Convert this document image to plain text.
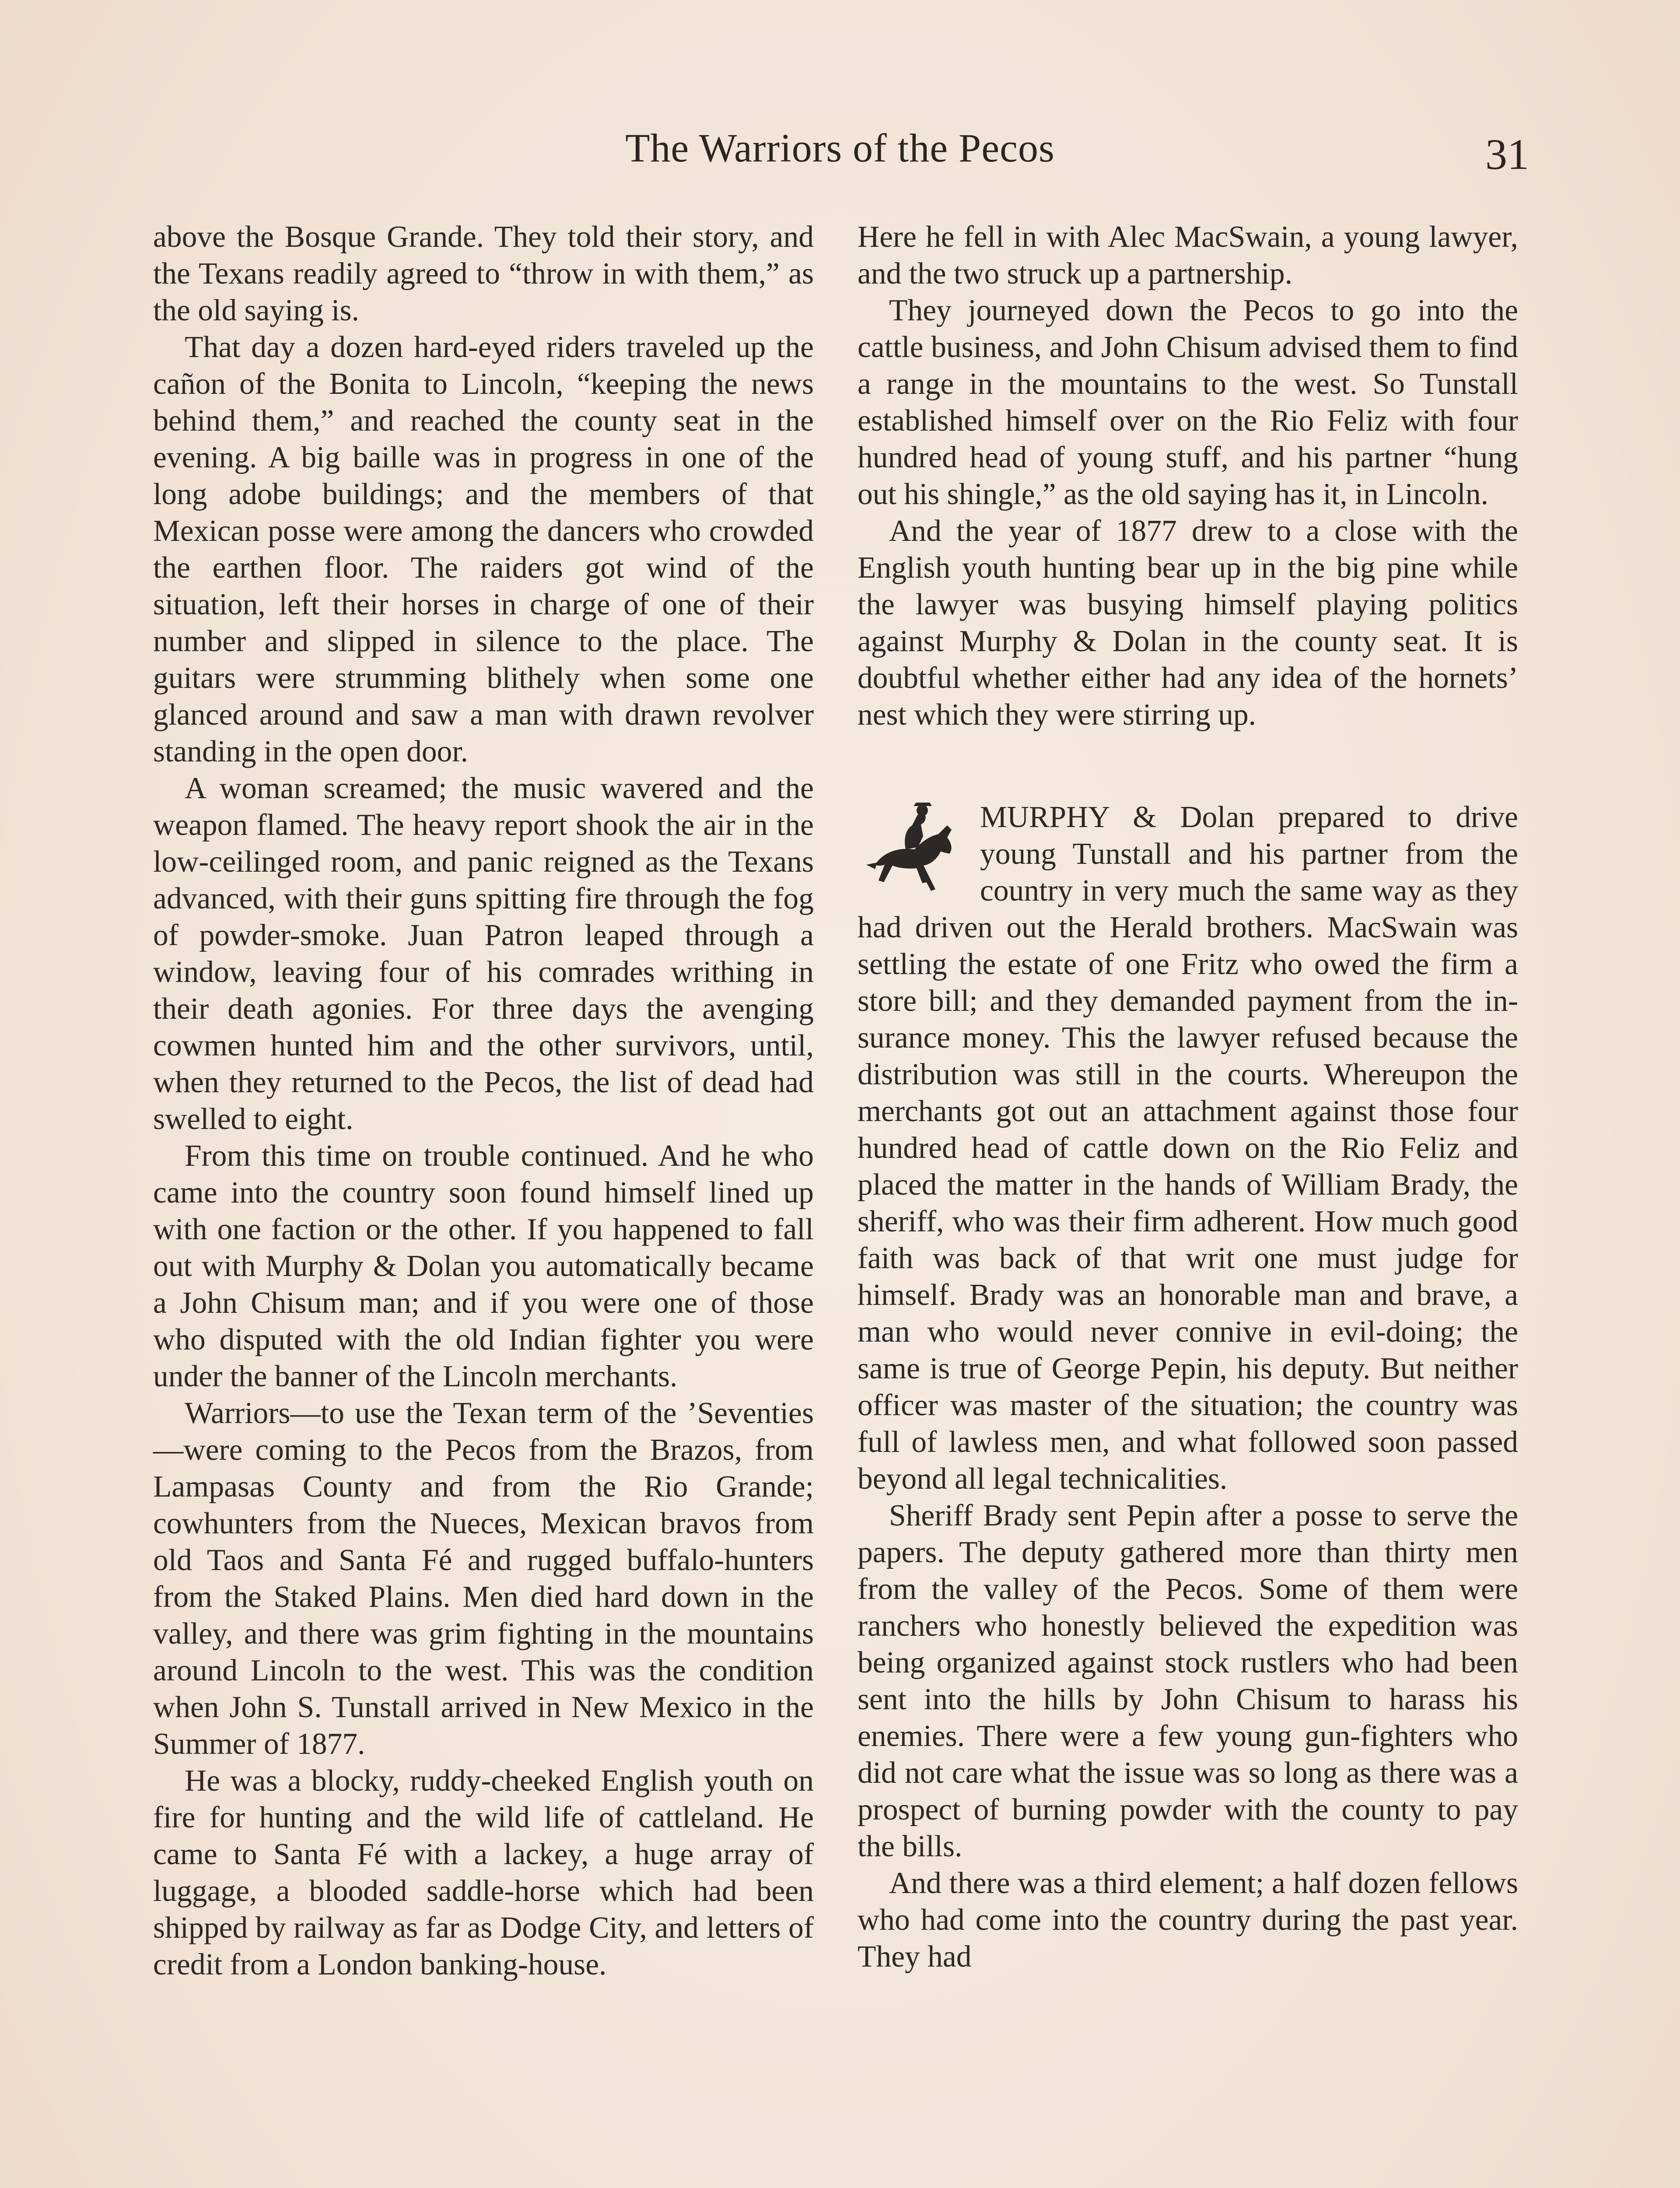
The Warriors of the Pecos	31

above the Bosque Grande. They told their story, and the Texans readily agreed to “throw in with them,” as the old saying is.

That day a dozen hard-eyed riders traveled up the cañon of the Bonita to Lincoln, “keeping the news behind them,” and reached the county seat in the evening. A big baille was in progress in one of the long adobe buildings; and the members of that Mexican posse were among the dancers who crowded the earthen floor. The raiders got wind of the situation, left their horses in charge of one of their number and slipped in silence to the place. The guitars were strumming blithely when some one glanced around and saw a man with drawn revolver standing in the open door.

A woman screamed; the music wavered and the weapon flamed. The heavy report shook the air in the low-ceilinged room, and panic reigned as the Texans advanced, with their guns spitting fire through the fog of powder-smoke. Juan Patron leaped through a window, leaving four of his comrades writhing in their death agonies. For three days the avenging cowmen hunted him and the other survivors, until, when they returned to the Pecos, the list of dead had swelled to eight.

From this time on trouble continued. And he who came into the country soon found himself lined up with one faction or the other. If you happened to fall out with Murphy & Dolan you automatically became a John Chisum man; and if you were one of those who disputed with the old Indian fighter you were under the banner of the Lincoln merchants.

Warriors—to use the Texan term of the ’Seventies—were coming to the Pecos from the Brazos, from Lampasas County and from the Rio Grande; cowhunters from the Nueces, Mexican bravos from old Taos and Santa Fé and rugged buffalo-hunters from the Staked Plains. Men died hard down in the valley, and there was grim fighting in the mountains around Lincoln to the west. This was the condition when John S. Tunstall arrived in New Mexico in the Summer of 1877.

He was a blocky, ruddy-cheeked English youth on fire for hunting and the wild life of cattleland. He came to Santa Fé with a lackey, a huge array of luggage, a blooded saddle-horse which had been shipped by railway as far as Dodge City, and letters of credit from a London banking-house.

Here he fell in with Alec MacSwain, a young lawyer, and the two struck up a partnership.

They journeyed down the Pecos to go into the cattle business, and John Chisum advised them to find a range in the mountains to the west. So Tunstall established himself over on the Rio Feliz with four hundred head of young stuff, and his partner “hung out his shingle,” as the old saying has it, in Lincoln.

And the year of 1877 drew to a close with the English youth hunting bear up in the big pine while the lawyer was busying himself playing politics against Murphy & Dolan in the county seat. It is doubtful whether either had any idea of the hornets’ nest which they were stirring up.

MURPHY & Dolan prepared to drive young Tunstall and his partner from the country in very much the same way as they had driven out the Herald brothers. MacSwain was settling the estate of one Fritz who owed the firm a store bill; and they demanded payment from the insurance money. This the lawyer refused because the distribution was still in the courts. Whereupon the merchants got out an attachment against those four hundred head of cattle down on the Rio Feliz and placed the matter in the hands of William Brady, the sheriff, who was their firm adherent. How much good faith was back of that writ one must judge for himself. Brady was an honorable man and brave, a man who would never connive in evil-doing; the same is true of George Pepin, his deputy. But neither officer was master of the situation; the country was full of lawless men, and what followed soon passed beyond all legal technicalities.

Sheriff Brady sent Pepin after a posse to serve the papers. The deputy gathered more than thirty men from the valley of the Pecos. Some of them were ranchers who honestly believed the expedition was being organized against stock rustlers who had been sent into the hills by John Chisum to harass his enemies. There were a few young gun-fighters who did not care what the issue was so long as there was a prospect of burning powder with the county to pay the bills.

And there was a third element; a half dozen fellows who had come into the country during the past year. They had
